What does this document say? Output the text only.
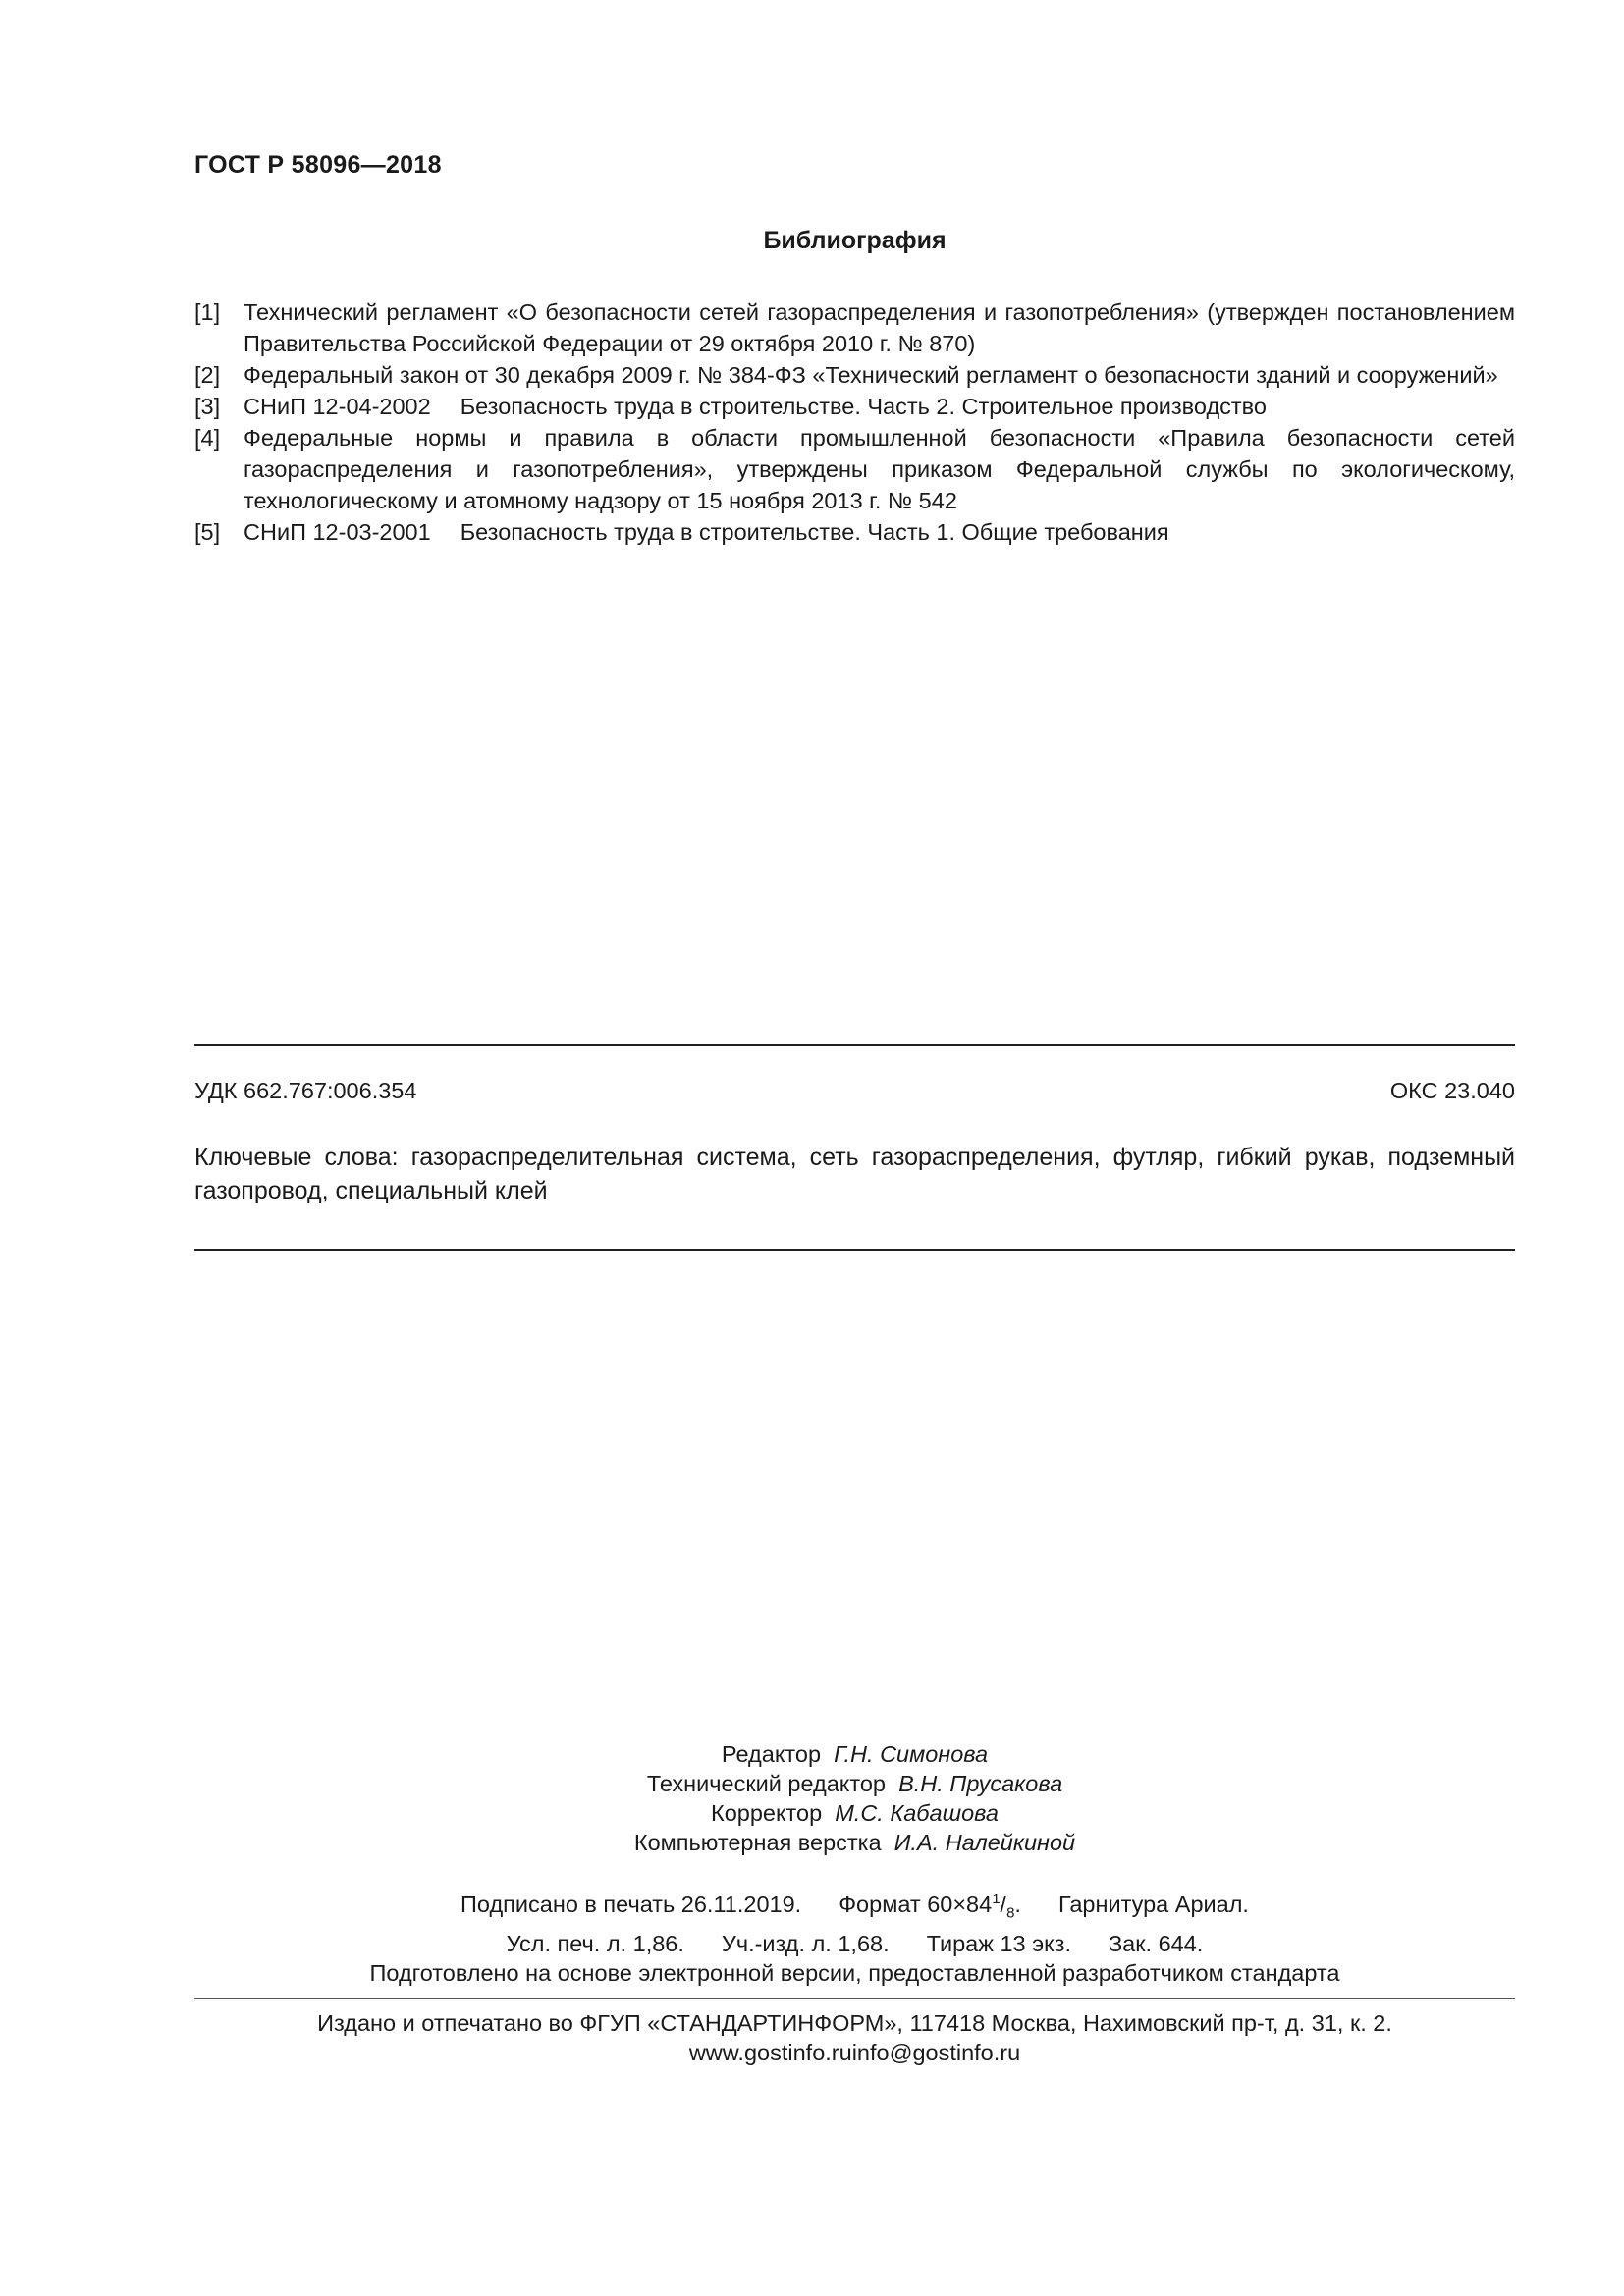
ГОСТ Р 58096—2018
Библиография
[1]	Технический регламент «О безопасности сетей газораспределения и газопотребления» (утвержден постановлением Правительства Российской Федерации от 29 октября 2010 г. № 870)
[2]	Федеральный закон от 30 декабря 2009 г. № 384-ФЗ «Технический регламент о безопасности зданий и сооружений»
[3]	СНиП 12-04-2002 Безопасность труда в строительстве. Часть 2. Строительное производство
[4]	Федеральные нормы и правила в области промышленной безопасности «Правила безопасности сетей газораспределения и газопотребления», утверждены приказом Федеральной службы по экологическому, технологическому и атомному надзору от 15 ноября 2013 г. № 542
[5]	СНиП 12-03-2001 Безопасность труда в строительстве. Часть 1. Общие требования
УДК 662.767:006.354	ОКС 23.040
Ключевые слова: газораспределительная система, сеть газораспределения, футляр, гибкий рукав, подземный газопровод, специальный клей
Редактор Г.Н. Симонова
Технический редактор В.Н. Прусакова
Корректор М.С. Кабашова
Компьютерная верстка И.А. Налейкиной
Подписано в печать 26.11.2019. Формат $60\times 84^1/_8$. Гарнитура Ариал.
Усл. печ. л. 1,86. Уч.-изд. л. 1,68. Тираж 13 экз. Зак. 644.
Подготовлено на основе электронной версии, предоставленной разработчиком стандарта
Издано и отпечатано во ФГУП «СТАНДАРТИНФОРМ», 117418 Москва, Нахимовский пр-т, д. 31, к. 2.
www.gostinfo.ruinfo@gostinfo.ru
